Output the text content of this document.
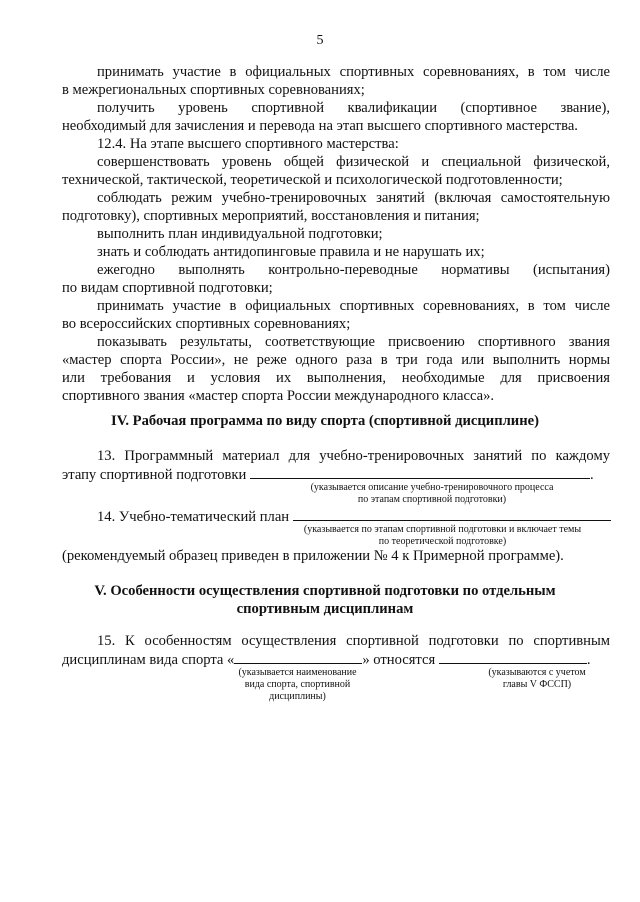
5
принимать участие в официальных спортивных соревнованиях, в том числе
в межрегиональных спортивных соревнованиях;
получить уровень спортивной квалификации (спортивное звание),
необходимый для зачисления и перевода на этап высшего спортивного мастерства.
12.4. На этапе высшего спортивного мастерства:
совершенствовать уровень общей физической и специальной физической,
технической, тактической, теоретической и психологической подготовленности;
соблюдать режим учебно-тренировочных занятий (включая самостоятельную
подготовку), спортивных мероприятий, восстановления и питания;
выполнить план индивидуальной подготовки;
знать и соблюдать антидопинговые правила и не нарушать их;
ежегодно выполнять контрольно-переводные нормативы (испытания)
по видам спортивной подготовки;
принимать участие в официальных спортивных соревнованиях, в том числе
во всероссийских спортивных соревнованиях;
показывать результаты, соответствующие присвоению спортивного звания
«мастер спорта России», не реже одного раза в три года или выполнить нормы
или требования и условия их выполнения, необходимые для присвоения
спортивного звания «мастер спорта России международного класса».
IV. Рабочая программа по виду спорта (спортивной дисциплине)
13. Программный материал для учебно-тренировочных занятий по каждому
этапу спортивной подготовки	.
(указывается описание учебно-тренировочного процесса
по этапам спортивной подготовки)
14. Учебно-тематический план
(указывается по этапам спортивной подготовки и включает темы
по теоретической подготовке)
(рекомендуемый образец приведен в приложении № 4 к Примерной программе).
V. Особенности осуществления спортивной подготовки по отдельным
спортивным дисциплинам
15. К особенностям осуществления спортивной подготовки по спортивным
дисциплинам вида спорта «	» относятся	.
(указывается наименование
вида спорта, спортивной
дисциплины)
(указываются с учетом
главы V ФССП)
